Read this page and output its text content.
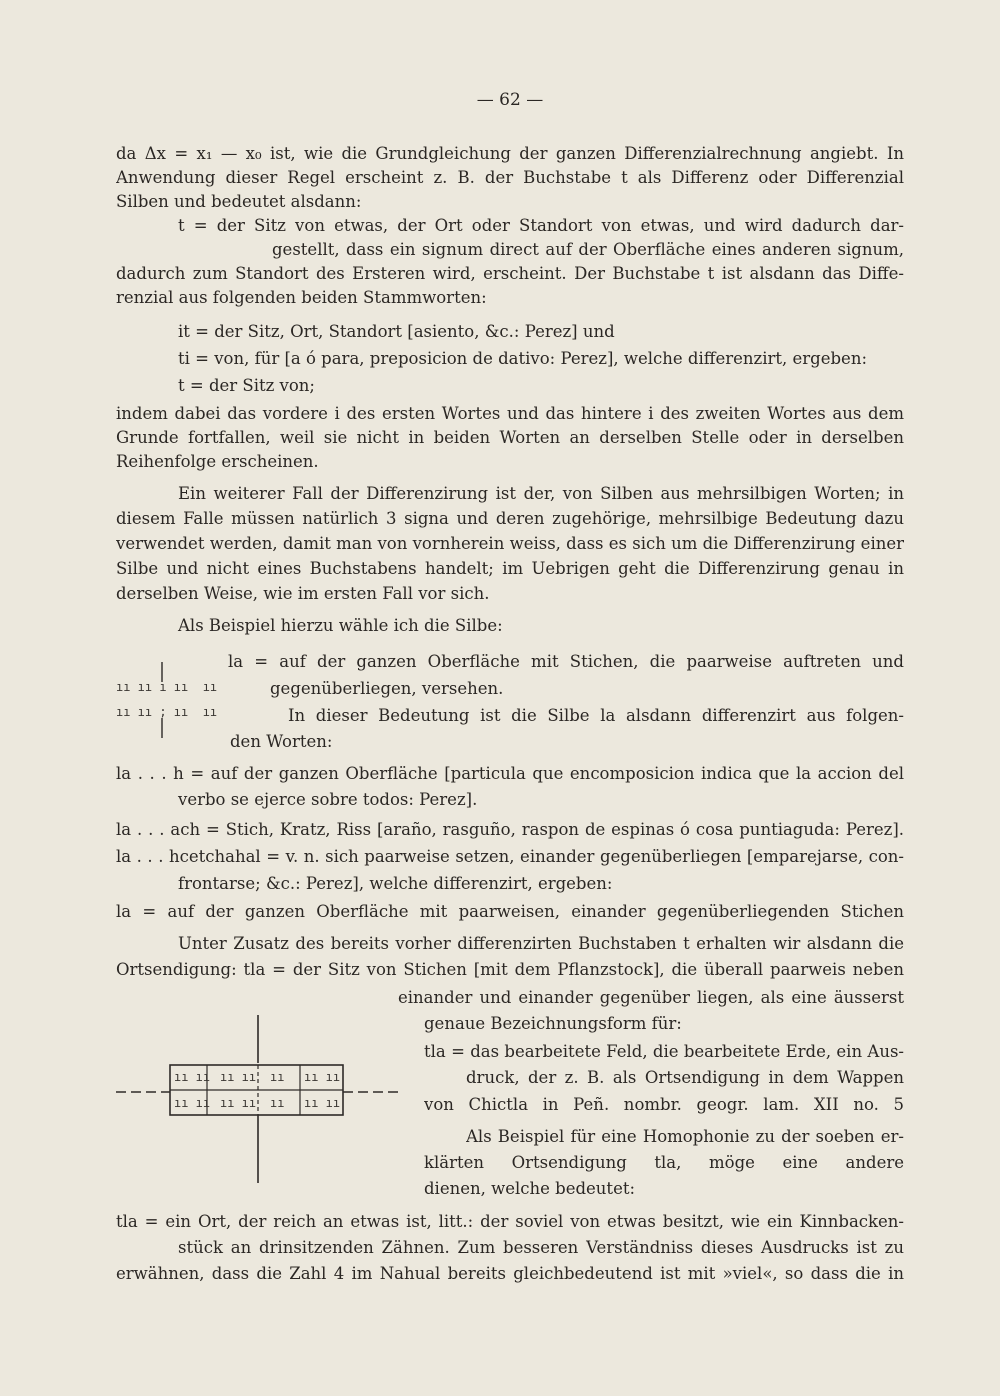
— 62 —
da Δx = x₁ — x₀ ist, wie die Grundgleichung der ganzen Differenzialrechnung angiebt. In
Anwendung dieser Regel erscheint z. B. der Buchstabe t als Differenz oder Differenzial
Silben und bedeutet alsdann:
t = der Sitz von etwas, der Ort oder Standort von etwas, und wird dadurch dar-
gestellt, dass ein signum direct auf der Oberfläche eines anderen signum,
dadurch zum Standort des Ersteren wird, erscheint. Der Buchstabe t ist alsdann das Diffe-
renzial aus folgenden beiden Stammworten:
it = der Sitz, Ort, Standort [asiento, &c.: Perez] und
ti = von, für [a ó para, preposicion de dativo: Perez], welche differenzirt, ergeben:
t = der Sitz von;
indem dabei das vordere i des ersten Wortes und das hintere i des zweiten Wortes aus dem
Grunde fortfallen, weil sie nicht in beiden Worten an derselben Stelle oder in derselben
Reihenfolge erscheinen.
Ein weiterer Fall der Differenzirung ist der, von Silben aus mehrsilbigen Worten; in
diesem Falle müssen natürlich 3 signa und deren zugehörige, mehrsilbige Bedeutung dazu
verwendet werden, damit man von vornherein weiss, dass es sich um die Differenzirung einer
Silbe und nicht eines Buchstabens handelt; im Uebrigen geht die Differenzirung genau in
derselben Weise, wie im ersten Fall vor sich.
Als Beispiel hierzu wähle ich die Silbe:
ıı ıı ı ıı  ıı
ıı ıı ; ıı  ıı
la = auf der ganzen Oberfläche mit Stichen, die paarweise auftreten und
gegenüberliegen, versehen.
In dieser Bedeutung ist die Silbe la alsdann differenzirt aus folgen-
den Worten:
la . . . h = auf der ganzen Oberfläche [particula que encomposicion indica que la accion del
verbo se ejerce sobre todos: Perez].
la . . . ach = Stich, Kratz, Riss [araño, rasguño, raspon de espinas ó cosa puntiaguda: Perez].
la . . . hcetchahal = v. n. sich paarweise setzen, einander gegenüberliegen [emparejarse, con-
frontarse; &c.: Perez], welche differenzirt, ergeben:
la = auf der ganzen Oberfläche mit paarweisen, einander gegenüberliegenden Stichen
Unter Zusatz des bereits vorher differenzirten Buchstaben t erhalten wir alsdann die
Ortsendigung: tla = der Sitz von Stichen [mit dem Pflanzstock], die überall paarweis neben
einander und einander gegenüber liegen, als eine äusserst
genaue Bezeichnungsform für:
tla = das bearbeitete Feld, die bearbeitete Erde, ein Aus-
druck, der z. B. als Ortsendigung in dem Wappen
von Chictla in Peñ. nombr. geogr. lam. XII no. 5
Als Beispiel für eine Homophonie zu der soeben er-
klärten Ortsendigung tla, möge eine andere
dienen, welche bedeutet:
ıı ıı ıı ıı ıı ıı ıı
ıı ıı ıı ıı ıı ıı ıı
tla = ein Ort, der reich an etwas ist, litt.: der soviel von etwas besitzt, wie ein Kinnbacken-
stück an drinsitzenden Zähnen. Zum besseren Verständniss dieses Ausdrucks ist zu
erwähnen, dass die Zahl 4 im Nahual bereits gleichbedeutend ist mit »viel«, so dass die in
